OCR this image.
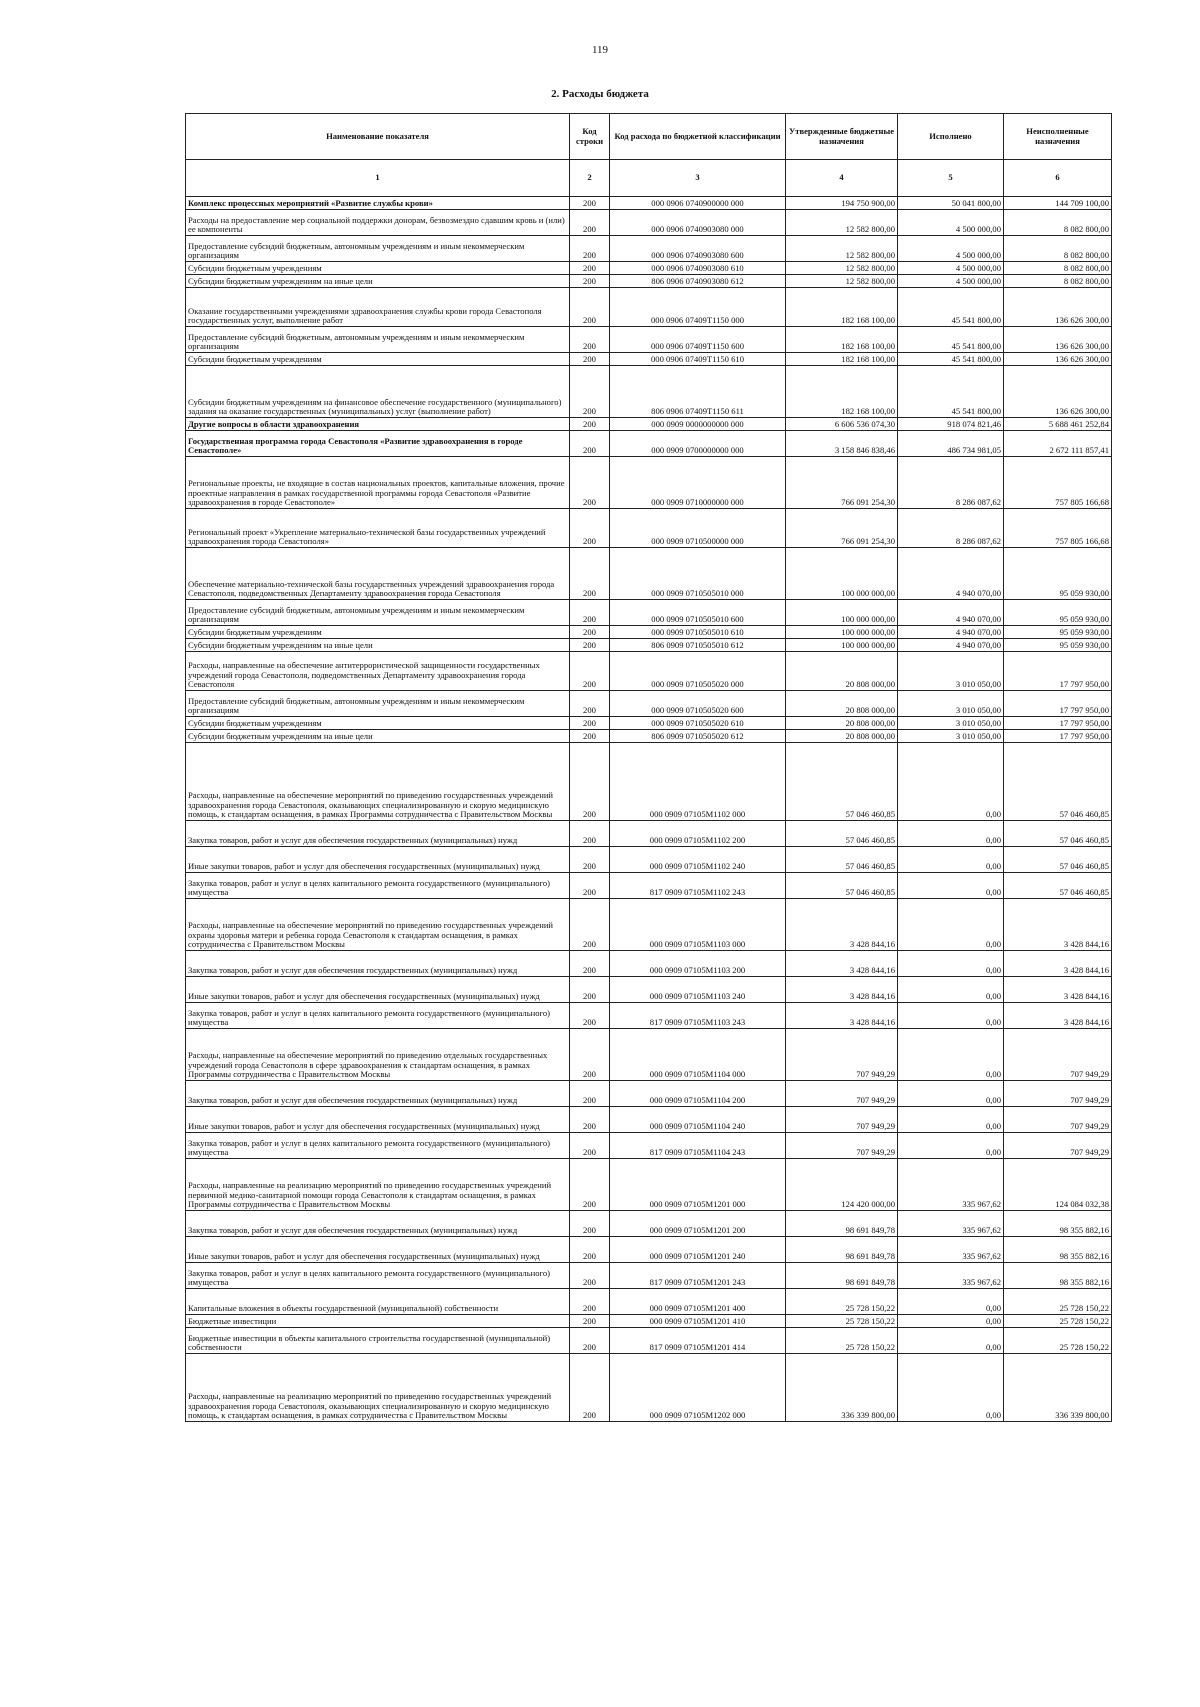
119
2. Расходы бюджета
Наименование показателя	Код строки	Код расхода по бюджетной классификации	Утвержденные бюджетные назначения	Исполнено	Неисполненные назначения
1	2	3	4	5	6
Комплекс процессных мероприятий «Развитие службы крови»	200	000 0906 0740900000 000	194 750 900,00	50 041 800,00	144 709 100,00
Расходы на предоставление мер социальной поддержки донорам, безвозмездно сдавшим кровь и (или) ее компоненты	200	000 0906 0740903080 000	12 582 800,00	4 500 000,00	8 082 800,00
Предоставление субсидий бюджетным, автономным учреждениям и иным некоммерческим организациям	200	000 0906 0740903080 600	12 582 800,00	4 500 000,00	8 082 800,00
Субсидии бюджетным учреждениям	200	000 0906 0740903080 610	12 582 800,00	4 500 000,00	8 082 800,00
Субсидии бюджетным учреждениям на иные цели	200	806 0906 0740903080 612	12 582 800,00	4 500 000,00	8 082 800,00
Оказание государственными учреждениями здравоохранения службы крови города Севастополя государственных услуг, выполнение работ	200	000 0906 07409T1150 000	182 168 100,00	45 541 800,00	136 626 300,00
Предоставление субсидий бюджетным, автономным учреждениям и иным некоммерческим организациям	200	000 0906 07409T1150 600	182 168 100,00	45 541 800,00	136 626 300,00
Субсидии бюджетным учреждениям	200	000 0906 07409T1150 610	182 168 100,00	45 541 800,00	136 626 300,00
Субсидии бюджетным учреждениям на финансовое обеспечение государственного (муниципального) задания на оказание государственных (муниципальных) услуг (выполнение работ)	200	806 0906 07409T1150 611	182 168 100,00	45 541 800,00	136 626 300,00
Другие вопросы в области здравоохранения	200	000 0909 0000000000 000	6 606 536 074,30	918 074 821,46	5 688 461 252,84
Государственная программа города Севастополя «Развитие здравоохранения в городе Севастополе»	200	000 0909 0700000000 000	3 158 846 838,46	486 734 981,05	2 672 111 857,41
Региональные проекты, не входящие в состав национальных проектов, капитальные вложения, прочие проектные направления в рамках государственной программы города Севастополя «Развитие здравоохранения в городе Севастополе»	200	000 0909 0710000000 000	766 091 254,30	8 286 087,62	757 805 166,68
Региональный проект «Укрепление материально-технической базы государственных учреждений здравоохранения города Севастополя»	200	000 0909 0710500000 000	766 091 254,30	8 286 087,62	757 805 166,68
Обеспечение материально-технической базы государственных учреждений здравоохранения города Севастополя, подведомственных Департаменту здравоохранения города Севастополя	200	000 0909 0710505010 000	100 000 000,00	4 940 070,00	95 059 930,00
Предоставление субсидий бюджетным, автономным учреждениям и иным некоммерческим организациям	200	000 0909 0710505010 600	100 000 000,00	4 940 070,00	95 059 930,00
Субсидии бюджетным учреждениям	200	000 0909 0710505010 610	100 000 000,00	4 940 070,00	95 059 930,00
Субсидии бюджетным учреждениям на иные цели	200	806 0909 0710505010 612	100 000 000,00	4 940 070,00	95 059 930,00
Расходы, направленные на обеспечение антитеррористической защищенности государственных учреждений города Севастополя, подведомственных Департаменту здравоохранения города Севастополя	200	000 0909 0710505020 000	20 808 000,00	3 010 050,00	17 797 950,00
Предоставление субсидий бюджетным, автономным учреждениям и иным некоммерческим организациям	200	000 0909 0710505020 600	20 808 000,00	3 010 050,00	17 797 950,00
Субсидии бюджетным учреждениям	200	000 0909 0710505020 610	20 808 000,00	3 010 050,00	17 797 950,00
Субсидии бюджетным учреждениям на иные цели	200	806 0909 0710505020 612	20 808 000,00	3 010 050,00	17 797 950,00
Расходы, направленные на обеспечение мероприятий по приведению государственных учреждений здравоохранения города Севастополя, оказывающих специализированную и скорую медицинскую помощь, к стандартам оснащения, в рамках Программы сотрудничества с Правительством Москвы	200	000 0909 07105M1102 000	57 046 460,85	0,00	57 046 460,85
Закупка товаров, работ и услуг для обеспечения государственных (муниципальных) нужд	200	000 0909 07105M1102 200	57 046 460,85	0,00	57 046 460,85
Иные закупки товаров, работ и услуг для обеспечения государственных (муниципальных) нужд	200	000 0909 07105M1102 240	57 046 460,85	0,00	57 046 460,85
Закупка товаров, работ и услуг в целях капитального ремонта государственного (муниципального) имущества	200	817 0909 07105M1102 243	57 046 460,85	0,00	57 046 460,85
Расходы, направленные на обеспечение мероприятий по приведению государственных учреждений охраны здоровья матери и ребенка города Севастополя к стандартам оснащения, в рамках сотрудничества с Правительством Москвы	200	000 0909 07105M1103 000	3 428 844,16	0,00	3 428 844,16
Закупка товаров, работ и услуг для обеспечения государственных (муниципальных) нужд	200	000 0909 07105M1103 200	3 428 844,16	0,00	3 428 844,16
Иные закупки товаров, работ и услуг для обеспечения государственных (муниципальных) нужд	200	000 0909 07105M1103 240	3 428 844,16	0,00	3 428 844,16
Закупка товаров, работ и услуг в целях капитального ремонта государственного (муниципального) имущества	200	817 0909 07105M1103 243	3 428 844,16	0,00	3 428 844,16
Расходы, направленные на обеспечение мероприятий по приведению отдельных государственных учреждений города Севастополя в сфере здравоохранения к стандартам оснащения, в рамках Программы сотрудничества с Правительством Москвы	200	000 0909 07105M1104 000	707 949,29	0,00	707 949,29
Закупка товаров, работ и услуг для обеспечения государственных (муниципальных) нужд	200	000 0909 07105M1104 200	707 949,29	0,00	707 949,29
Иные закупки товаров, работ и услуг для обеспечения государственных (муниципальных) нужд	200	000 0909 07105M1104 240	707 949,29	0,00	707 949,29
Закупка товаров, работ и услуг в целях капитального ремонта государственного (муниципального) имущества	200	817 0909 07105M1104 243	707 949,29	0,00	707 949,29
Расходы, направленные на реализацию мероприятий по приведению государственных учреждений первичной медико-санитарной помощи города Севастополя к стандартам оснащения, в рамках Программы сотрудничества с Правительством Москвы	200	000 0909 07105M1201 000	124 420 000,00	335 967,62	124 084 032,38
Закупка товаров, работ и услуг для обеспечения государственных (муниципальных) нужд	200	000 0909 07105M1201 200	98 691 849,78	335 967,62	98 355 882,16
Иные закупки товаров, работ и услуг для обеспечения государственных (муниципальных) нужд	200	000 0909 07105M1201 240	98 691 849,78	335 967,62	98 355 882,16
Закупка товаров, работ и услуг в целях капитального ремонта государственного (муниципального) имущества	200	817 0909 07105M1201 243	98 691 849,78	335 967,62	98 355 882,16
Капитальные вложения в объекты государственной (муниципальной) собственности	200	000 0909 07105M1201 400	25 728 150,22	0,00	25 728 150,22
Бюджетные инвестиции	200	000 0909 07105M1201 410	25 728 150,22	0,00	25 728 150,22
Бюджетные инвестиции в объекты капитального строительства государственной (муниципальной) собственности	200	817 0909 07105M1201 414	25 728 150,22	0,00	25 728 150,22
Расходы, направленные на реализацию мероприятий по приведению государственных учреждений здравоохранения города Севастополя, оказывающих специализированную и скорую медицинскую помощь, к стандартам оснащения, в рамках сотрудничества с Правительством Москвы	200	000 0909 07105M1202 000	336 339 800,00	0,00	336 339 800,00
